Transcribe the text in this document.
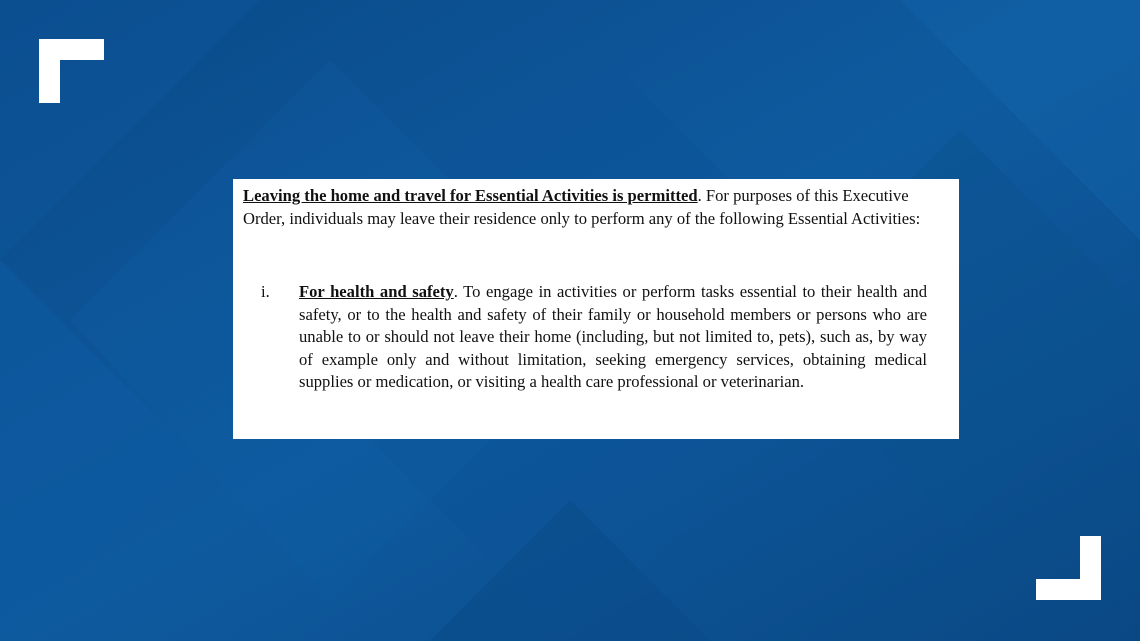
Leaving the home and travel for Essential Activities is permitted. For purposes of this Executive Order, individuals may leave their residence only to perform any of the following Essential Activities:

i. For health and safety. To engage in activities or perform tasks essential to their health and safety, or to the health and safety of their family or household members or persons who are unable to or should not leave their home (including, but not limited to, pets), such as, by way of example only and without limitation, seeking emergency services, obtaining medical supplies or medication, or visiting a health care professional or veterinarian.
